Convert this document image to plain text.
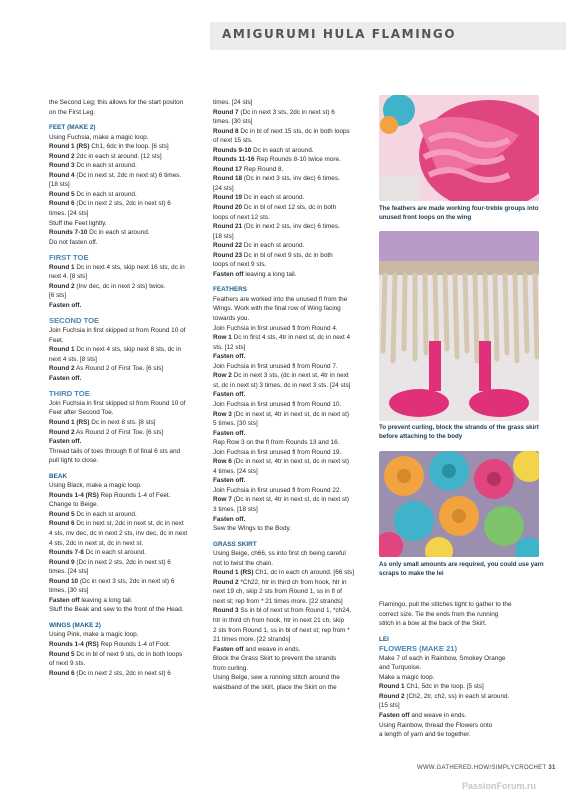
AMIGURUMI HULA FLAMINGO
the Second Leg; this allows for the start positon
on the First Leg.
FEET (MAKE 2)
Using Fuchsia, make a magic loop.
Round 1 (RS) Ch1, 6dc in the loop. [6 sts]
Round 2 2dc in each st around. [12 sts]
Round 3 Dc in each st around.
Round 4 (Dc in next st, 2dc in next st) 6 times.
[18 sts]
Round 5 Dc in each st around.
Round 6 (Dc in next 2 sts, 2dc in next st) 6
times. [24 sts]
Stuff the Feet lightly.
Rounds 7-10 Dc in each st around.
Do not fasten off.
FIRST TOE
Round 1 Dc in next 4 sts, skip next 16 sts, dc in
next 4. [8 sts]
Round 2 (Inv dec, dc in next 2 sts) twice.
[6 sts]
Fasten off.
SECOND TOE
Join Fuchsia in first skipped st from Round 10 of
Feet.
Round 1 Dc in next 4 sts, skip next 8 sts, dc in
next 4 sts. [8 sts]
Round 2 As Round 2 of First Toe. [6 sts]
Fasten off.
THIRD TOE
Join Fuchsia in first skipped st from Round 10 of
Feet after Second Toe.
Round 1 (RS) Dc in next 8 sts. [8 sts]
Round 2 As Round 2 of First Toe. [6 sts]
Fasten off.
Thread tails of toes through fl of final 6 sts and
pull tight to close.
BEAK
Using Black, make a magic loop.
Rounds 1-4 (RS) Rep Rounds 1-4 of Feet.
Change to Beige.
Round 5 Dc in each st around.
Round 6 Dc in next st, 2dc in next st, dc in next
4 sts, inv dec, dc in next 2 sts, inv dec, dc in next
4 sts, 2dc in next st, dc in next st.
Rounds 7-8 Dc in each st around.
Round 9 (Dc in next 2 sts, 2dc in next st) 6
times. [24 sts]
Round 10 (Dc in next 3 sts, 2dc in next st) 6
times. [30 sts]
Fasten off leaving a long tail.
Stuff the Beak and sew to the front of the Head.
WINGS (MAKE 2)
Using Pink, make a magic loop.
Rounds 1-4 (RS) Rep Rounds 1-4 of Foot.
Round 5 Dc in bl of next 9 sts, dc in both loops
of next 9 sts.
Round 6 (Dc in next 2 sts, 2dc in next st) 6
times. [24 sts]
Round 7 (Dc in next 3 sts, 2dc in next st) 6
times. [30 sts]
Round 8 Dc in bl of next 15 sts, dc in both loops
of next 15 sts.
Rounds 9-10 Dc in each st around.
Rounds 11-16 Rep Rounds 8-10 twice more.
Round 17 Rep Round 8.
Round 18 (Dc in next 3 sts, inv dec) 6 times.
[24 sts]
Round 19 Dc in each st around.
Round 20 Dc in bl of next 12 sts, dc in both
loops of next 12 sts.
Round 21 (Dc in next 2 sts, inv dec) 6 times.
[18 sts]
Round 22 Dc in each st around.
Round 23 Dc in bl of next 9 sts, dc in both
loops of next 9 sts.
Fasten off leaving a long tail.
FEATHERS
Feathers are worked into the unused fl from the
Wings. Work with the final row of Wing facing
towards you.
Join Fuchsia in first unused fl from Round 4.
Row 1 Dc in first 4 sts, 4tr in next st, dc in next 4
sts. [12 sts]
Fasten off.
Join Fuchsia in first unused fl from Round 7.
Row 2 Dc in next 3 sts, (dc in next st, 4tr in next
st, dc in next st) 3 times, dc in next 3 sts. [24 sts]
Fasten off.
Join Fuchsia in first unused fl from Round 10.
Row 3 (Dc in next st, 4tr in next st, dc in next st)
5 times. [30 sts]
Fasten off.
Rep Row 3 on the fl from Rounds 13 and 16.
Join Fuchsia in first unused fl from Round 19.
Row 6 (Dc in next st, 4tr in next st, dc in next st)
4 times. [24 sts]
Fasten off.
Join Fuchsia in first unused fl from Round 22.
Row 7 (Dc in next st, 4tr in next st, dc in next st)
3 times. [18 sts]
Fasten off.
Sew the Wings to the Body.
GRASS SKIRT
Using Beige, ch66, ss into first ch being careful
not to twist the chain.
Round 1 (RS) Ch1, dc in each ch around. [66 sts]
Round 2 *Ch22, htr in third ch from hook, htr in
next 19 ch, skip 2 sts from Round 1, ss in fl of
next st; rep from * 21 times more. [22 strands]
Round 3 Ss in bl of next st from Round 1, *ch24,
htr in third ch from hook, htr in next 21 ch, skip
2 sts from Round 1, ss in bl of next st; rep from *
21 times more. [22 strands]
Fasten off and weave in ends.
Block the Grass Skirt to prevent the strands
from curling.
Using Beige, sew a running stitch around the
waistband of the skirt, place the Skirt on the
The feathers are made working four-treble groups into unused front loops on the wing
To prevent curling, block the strands of the grass skirt before attaching to the body
As only small amounts are required, you could use yarn scraps to make the lei
Flamingo, pull the stitches tight to gather to the
correct size. Tie the ends from the running
stitch in a bow at the back of the Skirt.
LEI
FLOWERS (MAKE 21)
Make 7 of each in Rainbow, Smokey Orange
and Turquoise.
Make a magic loop.
Round 1 Ch1, 5dc in the loop. [5 sts]
Round 2 (Ch2, 2tr, ch2, ss) in each st around.
[15 sts]
Fasten off and weave in ends.
Using Rainbow, thread the Flowers onto
a length of yarn and tie together.
WWW.GATHERED.HOW/SIMPLYCROCHET 31
PassionForum.ru
